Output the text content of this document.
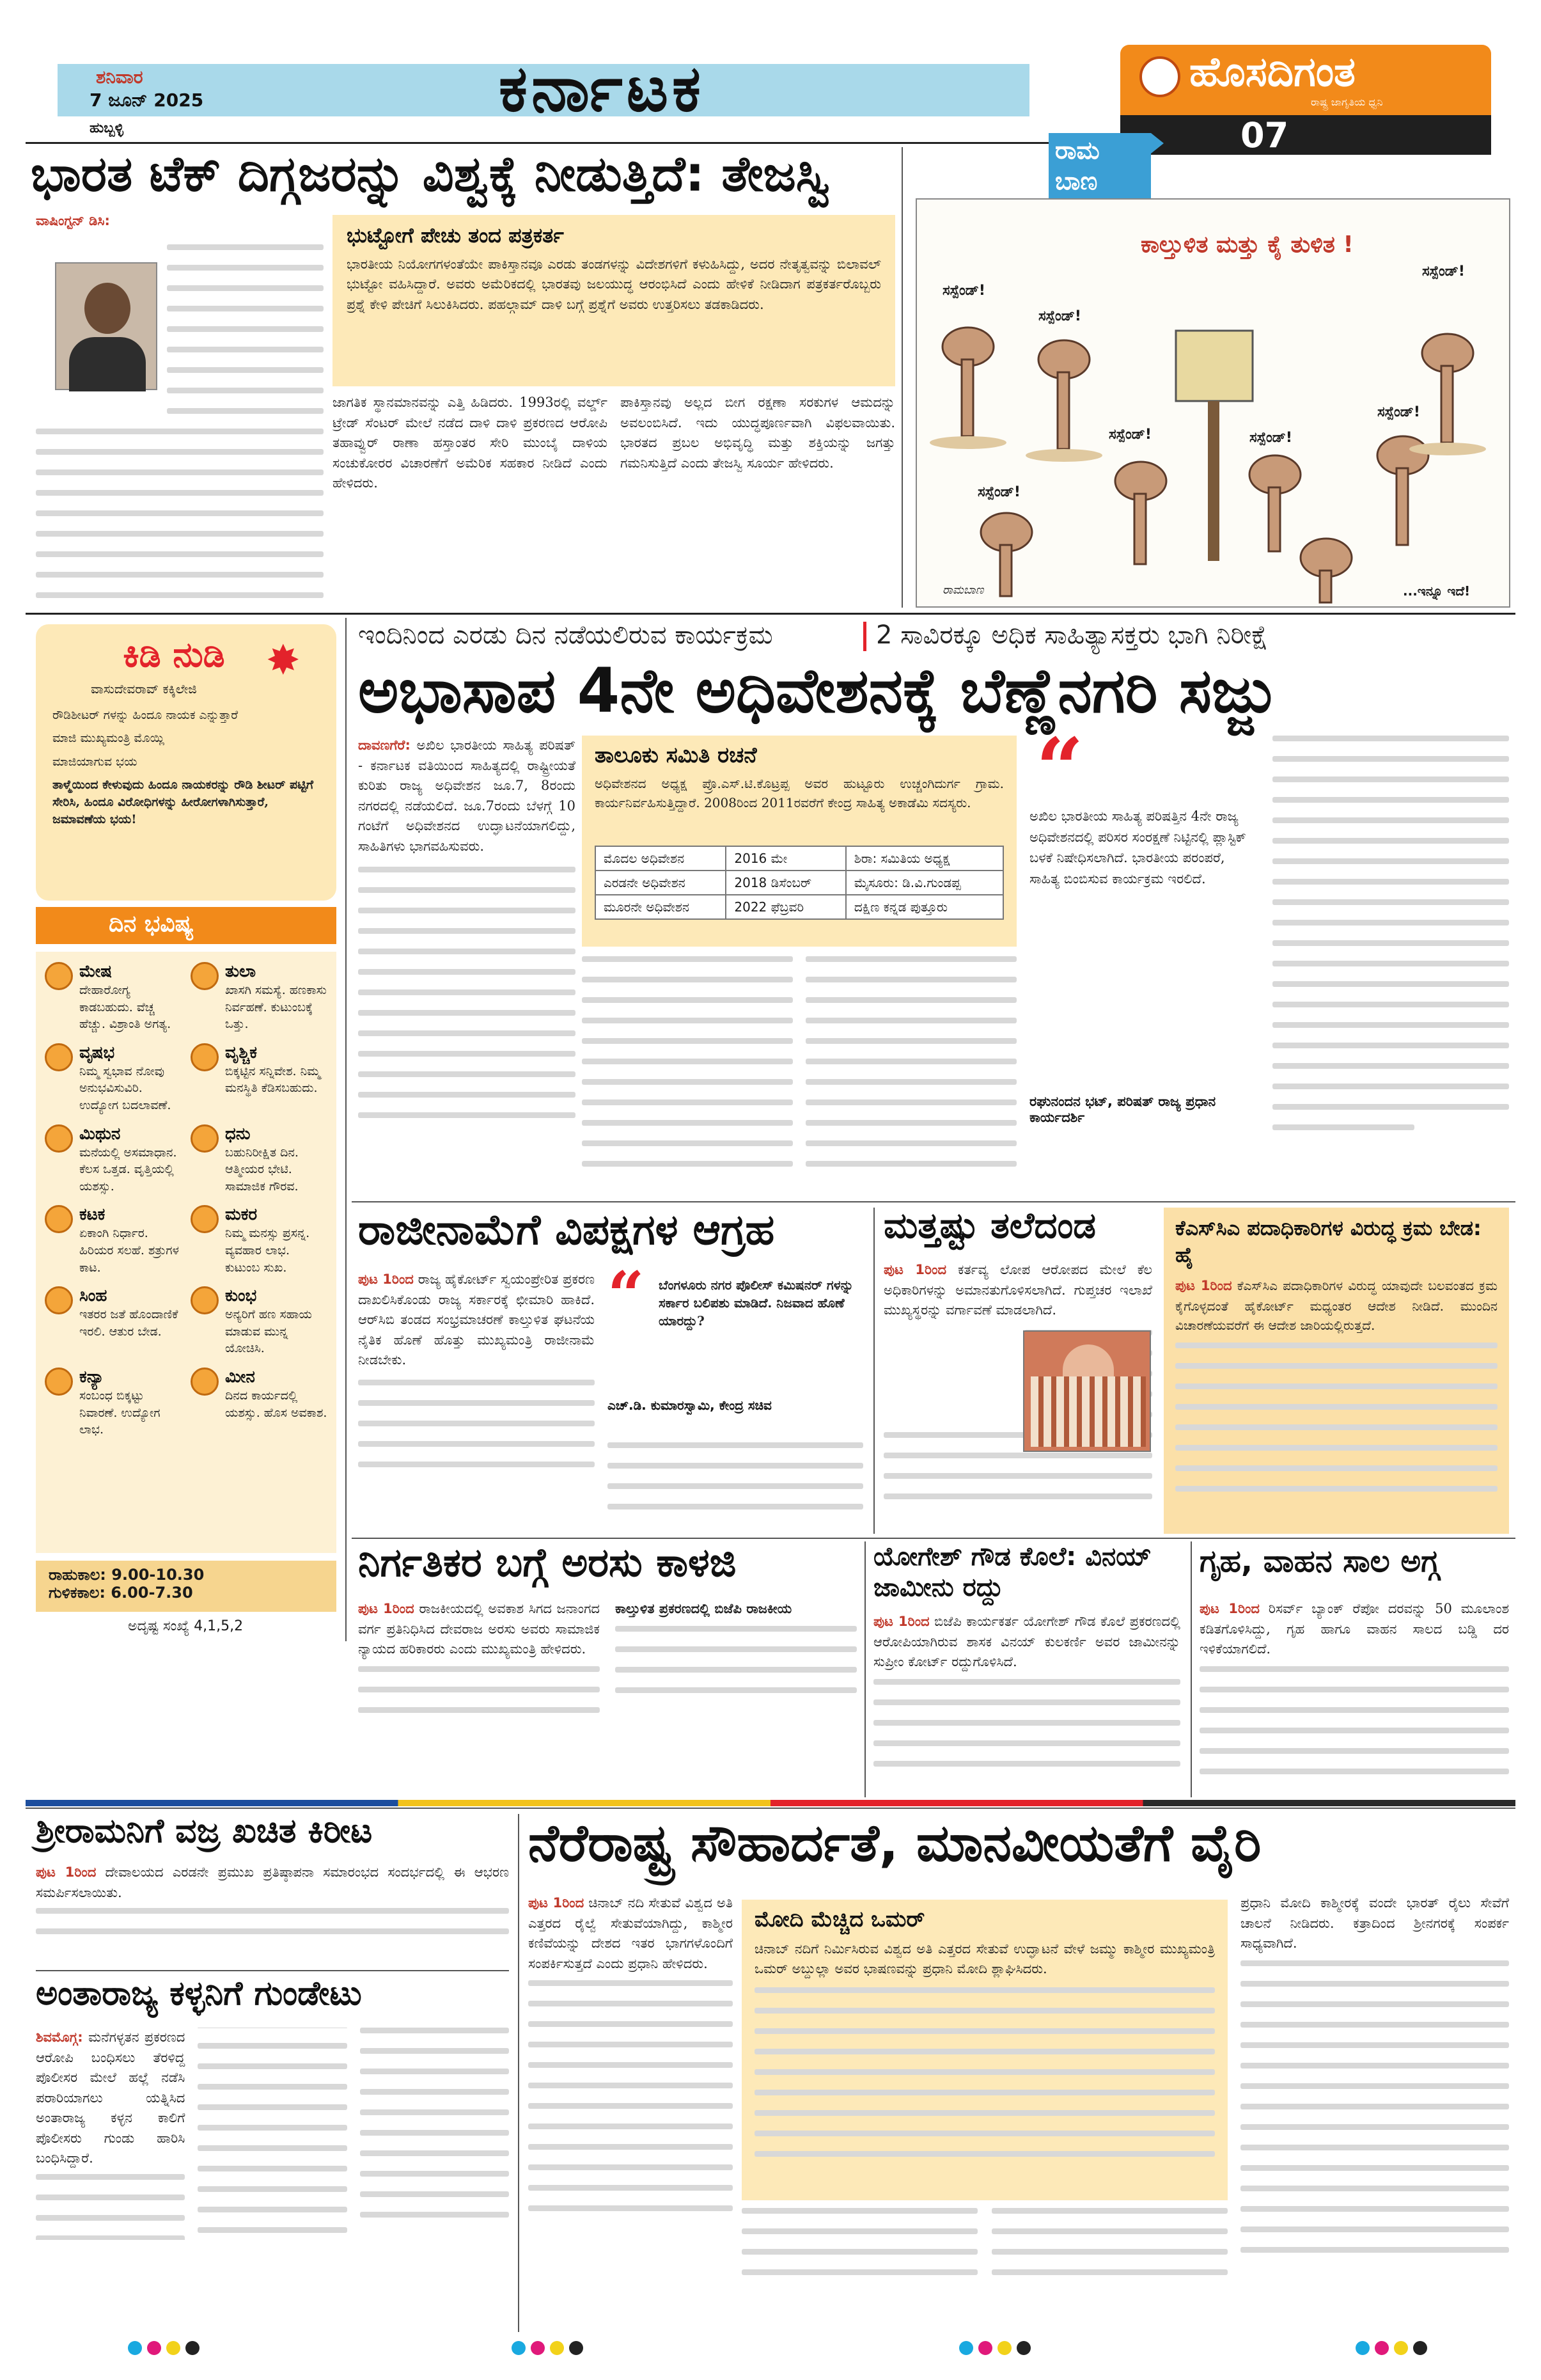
ಶನಿವಾರ
7 ಜೂನ್ 2025
ಹುಬ್ಬಳ್ಳಿ
ಕರ್ನಾಟಕ	ಹೊಸದಿಗಂತ
ರಾಷ್ಟ್ರ ಜಾಗೃತಿಯ ಧ್ವನಿ
07
ರಾಮ ಬಾಣ
ಭಾರತ ಟೆಕ್ ದಿಗ್ಗಜರನ್ನು ವಿಶ್ವಕ್ಕೆ ನೀಡುತ್ತಿದೆ: ತೇಜಸ್ವಿ
ವಾಷಿಂಗ್ಟನ್ ಡಿಸಿ:
ಭುಟ್ಟೋಗೆ ಪೇಚು ತಂದ ಪತ್ರಕರ್ತ
ಭಾರತೀಯ ನಿಯೋಗಗಳಂತೆಯೇ ಪಾಕಿಸ್ತಾನವೂ ಎರಡು ತಂಡಗಳನ್ನು ವಿದೇಶಗಳಿಗೆ ಕಳುಹಿಸಿದ್ದು, ಅದರ ನೇತೃತ್ವವನ್ನು ಬಿಲಾವಲ್ ಭುಟ್ಟೋ ವಹಿಸಿದ್ದಾರೆ. ಅವರು ಅಮೆರಿಕದಲ್ಲಿ ಭಾರತವು ಜಲಯುದ್ಧ ಆರಂಭಿಸಿದೆ ಎಂದು ಹೇಳಿಕೆ ನೀಡಿದಾಗ ಪತ್ರಕರ್ತರೊಬ್ಬರು ಪ್ರಶ್ನೆ ಕೇಳಿ ಪೇಚಿಗೆ ಸಿಲುಕಿಸಿದರು. ಪಹಲ್ಗಾಮ್ ದಾಳಿ ಬಗ್ಗೆ ಪ್ರಶ್ನೆಗೆ ಅವರು ಉತ್ತರಿಸಲು ತಡಕಾಡಿದರು.
ಜಾಗತಿಕ ಸ್ಥಾನಮಾನವನ್ನು ಎತ್ತಿ ಹಿಡಿದರು. 1993ರಲ್ಲಿ ವರ್ಲ್ಡ್ ಟ್ರೇಡ್ ಸೆಂಟರ್ ಮೇಲೆ ನಡೆದ ದಾಳಿ ದಾಳಿ ಪ್ರಕರಣದ ಆರೋಪಿ ತಹಾವ್ವುರ್ ರಾಣಾ ಹಸ್ತಾಂತರ ಸೇರಿ ಮುಂಬೈ ದಾಳಿಯ ಸಂಚುಕೋರರ ವಿಚಾರಣೆಗೆ ಅಮೆರಿಕ ಸಹಕಾರ ನೀಡಿದೆ ಎಂದು ಹೇಳಿದರು.
ಪಾಕಿಸ್ತಾನವು ಅಲ್ಲದ ಬೀಗ ರಕ್ಷಣಾ ಸರಕುಗಳ ಆಮದನ್ನು ಅವಲಂಬಿಸಿದೆ. ಇದು ಯುದ್ಧಪೂರ್ಣವಾಗಿ ವಿಫಲವಾಯಿತು. ಭಾರತದ ಪ್ರಬಲ ಅಭಿವೃದ್ಧಿ ಮತ್ತು ಶಕ್ತಿಯನ್ನು ಜಗತ್ತು ಗಮನಿಸುತ್ತಿದೆ ಎಂದು ತೇಜಸ್ವಿ ಸೂರ್ಯ ಹೇಳಿದರು.
ಕಾಲ್ತುಳಿತ ಮತ್ತು ಕೈ ತುಳಿತ !
ಸಸ್ಪೆಂಡ್!
ಸಸ್ಪೆಂಡ್!
ಸಸ್ಪೆಂಡ್!
ಸಸ್ಪೆಂಡ್!
ಸಸ್ಪೆಂಡ್!
ಸಸ್ಪೆಂಡ್!
ಸಸ್ಪೆಂಡ್!
...ಇನ್ನೂ ಇದೆ!
ರಾಮಬಾಣ
ಕಿಡಿ ನುಡಿ	✸
ವಾಸುದೇವರಾವ್ ಕಕ್ಕಿಲೇಜಿ
ರೌಡಿಶೀಟರ್ ಗಳನ್ನು ಹಿಂದೂ ನಾಯಕ ಎನ್ನುತ್ತಾರೆ
ಮಾಜಿ ಮುಖ್ಯಮಂತ್ರಿ ಮೊಯ್ಲಿ
ಮಾಜಿಯಾಗುವ ಭಯ
ತಾಳ್ಮೆಯಿಂದ ಕೇಳುವುದು ಹಿಂದೂ ನಾಯಕರನ್ನು ರೌಡಿ ಶೀಟರ್ ಪಟ್ಟಿಗೆ ಸೇರಿಸಿ, ಹಿಂದೂ ವಿರೋಧಿಗಳನ್ನು ಹೀರೋಗಳಾಗಿಸುತ್ತಾರೆ, ಜಮಾವಣೆಯ ಭಯ!
ದಿನ ಭವಿಷ್ಯ
ಮೇಷ
ದೇಹಾರೋಗ್ಯ ಕಾಡಬಹುದು. ವೆಚ್ಚ ಹೆಚ್ಚು. ವಿಶ್ರಾಂತಿ ಅಗತ್ಯ.
ತುಲಾ
ಖಾಸಗಿ ಸಮಸ್ಯೆ. ಹಣಕಾಸು ನಿರ್ವಹಣೆ. ಕುಟುಂಬಕ್ಕೆ ಒತ್ತು.
ವೃಷಭ
ನಿಮ್ಮ ಸ್ವಭಾವ ನೋವು ಅನುಭವಿಸುವಿರಿ. ಉದ್ಯೋಗ ಬದಲಾವಣೆ.
ವೃಶ್ಚಿಕ
ಬಿಕ್ಕಟ್ಟಿನ ಸನ್ನಿವೇಶ. ನಿಮ್ಮ ಮನಸ್ಥಿತಿ ಕೆಡಿಸಬಹುದು.
ಮಿಥುನ
ಮನೆಯಲ್ಲಿ ಅಸಮಾಧಾನ. ಕೆಲಸ ಒತ್ತಡ. ವೃತ್ತಿಯಲ್ಲಿ ಯಶಸ್ಸು.
ಧನು
ಬಹುನಿರೀಕ್ಷಿತ ದಿನ. ಆತ್ಮೀಯರ ಭೇಟಿ. ಸಾಮಾಜಿಕ ಗೌರವ.
ಕಟಕ
ಏಕಾಂಗಿ ನಿರ್ಧಾರ. ಹಿರಿಯರ ಸಲಹೆ. ಶತ್ರುಗಳ ಕಾಟ.
ಮಕರ
ನಿಮ್ಮ ಮನಸ್ಸು ಪ್ರಸನ್ನ. ವ್ಯವಹಾರ ಲಾಭ. ಕುಟುಂಬ ಸುಖ.
ಸಿಂಹ
ಇತರರ ಜತೆ ಹೊಂದಾಣಿಕೆ ಇರಲಿ. ಆತುರ ಬೇಡ.
ಕುಂಭ
ಅನ್ಯರಿಗೆ ಹಣ ಸಹಾಯ ಮಾಡುವ ಮುನ್ನ ಯೋಚಿಸಿ.
ಕನ್ಯಾ
ಸಂಬಂಧ ಬಿಕ್ಕಟ್ಟು ನಿವಾರಣೆ. ಉದ್ಯೋಗ ಲಾಭ.
ಮೀನ
ದಿನದ ಕಾರ್ಯದಲ್ಲಿ ಯಶಸ್ಸು. ಹೊಸ ಅವಕಾಶ.
ರಾಹುಕಾಲ: 9.00-10.30
ಗುಳಿಕಕಾಲ: 6.00-7.30
ಅದೃಷ್ಟ ಸಂಖ್ಯೆ 4,1,5,2
ಇಂದಿನಿಂದ ಎರಡು ದಿನ ನಡೆಯಲಿರುವ ಕಾರ್ಯಕ್ರಮ	2 ಸಾವಿರಕ್ಕೂ ಅಧಿಕ ಸಾಹಿತ್ಯಾಸಕ್ತರು ಭಾಗಿ ನಿರೀಕ್ಷೆ
ಅಭಾಸಾಪ 4ನೇ ಅಧಿವೇಶನಕ್ಕೆ ಬೆಣ್ಣೆನಗರಿ ಸಜ್ಜು
ದಾವಣಗೆರೆ: ಅಖಿಲ ಭಾರತೀಯ ಸಾಹಿತ್ಯ ಪರಿಷತ್ - ಕರ್ನಾಟಕ ವತಿಯಿಂದ ಸಾಹಿತ್ಯದಲ್ಲಿ ರಾಷ್ಟ್ರೀಯತೆ ಕುರಿತು ರಾಜ್ಯ ಅಧಿವೇಶನ ಜೂ.7, 8ರಂದು ನಗರದಲ್ಲಿ ನಡೆಯಲಿದೆ. ಜೂ.7ರಂದು ಬೆಳಗ್ಗೆ 10 ಗಂಟೆಗೆ ಅಧಿವೇಶನದ ಉದ್ಘಾಟನೆಯಾಗಲಿದ್ದು, ಸಾಹಿತಿಗಳು ಭಾಗವಹಿಸುವರು.
ತಾಲೂಕು ಸಮಿತಿ ರಚನೆ
ಅಧಿವೇಶನದ ಅಧ್ಯಕ್ಷ ಪ್ರೊ.ಎಸ್.ಟಿ.ಕೊಟ್ರಪ್ಪ ಅವರ ಹುಟ್ಟೂರು ಉಚ್ಚಂಗಿದುರ್ಗ ಗ್ರಾಮ. ಕಾರ್ಯನಿರ್ವಹಿಸುತ್ತಿದ್ದಾರೆ. 2008ರಿಂದ 2011ರವರೆಗೆ ಕೇಂದ್ರ ಸಾಹಿತ್ಯ ಅಕಾಡೆಮಿ ಸದಸ್ಯರು.
ಮೊದಲ ಅಧಿವೇಶನ	2016 ಮೇ	ಶಿರಾ: ಸಮಿತಿಯ ಅಧ್ಯಕ್ಷ
ಎರಡನೇ ಅಧಿವೇಶನ	2018 ಡಿಸೆಂಬರ್	ಮೈಸೂರು: ಡಿ.ವಿ.ಗುಂಡಪ್ಪ
ಮೂರನೇ ಅಧಿವೇಶನ	2022 ಫೆಬ್ರವರಿ	ದಕ್ಷಿಣ ಕನ್ನಡ ಪುತ್ತೂರು
“
ಅಖಿಲ ಭಾರತೀಯ ಸಾಹಿತ್ಯ ಪರಿಷತ್ತಿನ 4ನೇ ರಾಜ್ಯ ಅಧಿವೇಶನದಲ್ಲಿ ಪರಿಸರ ಸಂರಕ್ಷಣೆ ನಿಟ್ಟಿನಲ್ಲಿ ಪ್ಲಾಸ್ಟಿಕ್ ಬಳಕೆ ನಿಷೇಧಿಸಲಾಗಿದೆ. ಭಾರತೀಯ ಪರಂಪರೆ, ಸಾಹಿತ್ಯ ಬಿಂಬಿಸುವ ಕಾರ್ಯಕ್ರಮ ಇರಲಿದೆ.
ರಘುನಂದನ ಭಟ್, ಪರಿಷತ್ ರಾಜ್ಯ ಪ್ರಧಾನ ಕಾರ್ಯದರ್ಶಿ
ರಾಜೀನಾಮೆಗೆ ವಿಪಕ್ಷಗಳ ಆಗ್ರಹ
ಪುಟ 1ರಿಂದ ರಾಜ್ಯ ಹೈಕೋರ್ಟ್ ಸ್ವಯಂಪ್ರೇರಿತ ಪ್ರಕರಣ ದಾಖಲಿಸಿಕೊಂಡು ರಾಜ್ಯ ಸರ್ಕಾರಕ್ಕೆ ಛೀಮಾರಿ ಹಾಕಿದೆ. ಆರ್‌ಸಿಬಿ ತಂಡದ ಸಂಭ್ರಮಾಚರಣೆ ಕಾಲ್ತುಳಿತ ಘಟನೆಯ ನೈತಿಕ ಹೊಣೆ ಹೊತ್ತು ಮುಖ್ಯಮಂತ್ರಿ ರಾಜೀನಾಮೆ ನೀಡಬೇಕು.
“ ಬೆಂಗಳೂರು ನಗರ ಪೊಲೀಸ್ ಕಮಿಷನರ್ ಗಳನ್ನು ಸರ್ಕಾರ ಬಲಿಪಶು ಮಾಡಿದೆ. ನಿಜವಾದ ಹೊಣೆ ಯಾರದ್ದು?
ಎಚ್.ಡಿ. ಕುಮಾರಸ್ವಾಮಿ, ಕೇಂದ್ರ ಸಚಿವ
ಮತ್ತಷ್ಟು ತಲೆದಂಡ
ಪುಟ 1ರಿಂದ ಕರ್ತವ್ಯ ಲೋಪ ಆರೋಪದ ಮೇಲೆ ಕೆಲ ಅಧಿಕಾರಿಗಳನ್ನು ಅಮಾನತುಗೊಳಿಸಲಾಗಿದೆ. ಗುಪ್ತಚರ ಇಲಾಖೆ ಮುಖ್ಯಸ್ಥರನ್ನು ವರ್ಗಾವಣೆ ಮಾಡಲಾಗಿದೆ.
ಕೆಎಸ್‌ಸಿಎ ಪದಾಧಿಕಾರಿಗಳ ವಿರುದ್ಧ ಕ್ರಮ ಬೇಡ: ಹೈ
ಪುಟ 1ರಿಂದ ಕೆಎಸ್‌ಸಿಎ ಪದಾಧಿಕಾರಿಗಳ ವಿರುದ್ಧ ಯಾವುದೇ ಬಲವಂತದ ಕ್ರಮ ಕೈಗೊಳ್ಳದಂತೆ ಹೈಕೋರ್ಟ್ ಮಧ್ಯಂತರ ಆದೇಶ ನೀಡಿದೆ. ಮುಂದಿನ ವಿಚಾರಣೆಯವರೆಗೆ ಈ ಆದೇಶ ಜಾರಿಯಲ್ಲಿರುತ್ತದೆ.
ನಿರ್ಗತಿಕರ ಬಗ್ಗೆ ಅರಸು ಕಾಳಜಿ
ಪುಟ 1ರಿಂದ ರಾಜಕೀಯದಲ್ಲಿ ಅವಕಾಶ ಸಿಗದ ಜನಾಂಗದ ವರ್ಗ ಪ್ರತಿನಿಧಿಸಿದ ದೇವರಾಜ ಅರಸು ಅವರು ಸಾಮಾಜಿಕ ನ್ಯಾಯದ ಹರಿಕಾರರು ಎಂದು ಮುಖ್ಯಮಂತ್ರಿ ಹೇಳಿದರು.
ಕಾಲ್ತುಳಿತ ಪ್ರಕರಣದಲ್ಲಿ ಬಿಜೆಪಿ ರಾಜಕೀಯ
ಯೋಗೇಶ್ ಗೌಡ ಕೊಲೆ: ವಿನಯ್ ಜಾಮೀನು ರದ್ದು
ಪುಟ 1ರಿಂದ ಬಿಜೆಪಿ ಕಾರ್ಯಕರ್ತ ಯೋಗೇಶ್ ಗೌಡ ಕೊಲೆ ಪ್ರಕರಣದಲ್ಲಿ ಆರೋಪಿಯಾಗಿರುವ ಶಾಸಕ ವಿನಯ್ ಕುಲಕರ್ಣಿ ಅವರ ಜಾಮೀನನ್ನು ಸುಪ್ರೀಂ ಕೋರ್ಟ್ ರದ್ದುಗೊಳಿಸಿದೆ.
ಗೃಹ, ವಾಹನ ಸಾಲ ಅಗ್ಗ
ಪುಟ 1ರಿಂದ ರಿಸರ್ವ್ ಬ್ಯಾಂಕ್ ರೆಪೋ ದರವನ್ನು 50 ಮೂಲಾಂಶ ಕಡಿತಗೊಳಿಸಿದ್ದು, ಗೃಹ ಹಾಗೂ ವಾಹನ ಸಾಲದ ಬಡ್ಡಿ ದರ ಇಳಿಕೆಯಾಗಲಿದೆ.
ಶ್ರೀರಾಮನಿಗೆ ವಜ್ರ ಖಚಿತ ಕಿರೀಟ
ಪುಟ 1ರಿಂದ ದೇವಾಲಯದ ಎರಡನೇ ಪ್ರಮುಖ ಪ್ರತಿಷ್ಠಾಪನಾ ಸಮಾರಂಭದ ಸಂದರ್ಭದಲ್ಲಿ ಈ ಆಭರಣ ಸಮರ್ಪಿಸಲಾಯಿತು.
ಅಂತಾರಾಜ್ಯ ಕಳ್ಳನಿಗೆ ಗುಂಡೇಟು
ಶಿವಮೊಗ್ಗ: ಮನೆಗಳ್ಳತನ ಪ್ರಕರಣದ ಆರೋಪಿ ಬಂಧಿಸಲು ತೆರಳಿದ್ದ ಪೊಲೀಸರ ಮೇಲೆ ಹಲ್ಲೆ ನಡೆಸಿ ಪರಾರಿಯಾಗಲು ಯತ್ನಿಸಿದ ಅಂತಾರಾಜ್ಯ ಕಳ್ಳನ ಕಾಲಿಗೆ ಪೊಲೀಸರು ಗುಂಡು ಹಾರಿಸಿ ಬಂಧಿಸಿದ್ದಾರೆ.
ನೆರೆರಾಷ್ಟ್ರ ಸೌಹಾರ್ದತೆ, ಮಾನವೀಯತೆಗೆ ವೈರಿ
ಪುಟ 1ರಿಂದ ಚಿನಾಬ್ ನದಿ ಸೇತುವೆ ವಿಶ್ವದ ಅತಿ ಎತ್ತರದ ರೈಲ್ವೆ ಸೇತುವೆಯಾಗಿದ್ದು, ಕಾಶ್ಮೀರ ಕಣಿವೆಯನ್ನು ದೇಶದ ಇತರ ಭಾಗಗಳೊಂದಿಗೆ ಸಂಪರ್ಕಿಸುತ್ತದೆ ಎಂದು ಪ್ರಧಾನಿ ಹೇಳಿದರು.
ಮೋದಿ ಮೆಚ್ಚಿದ ಒಮರ್
ಚಿನಾಬ್ ನದಿಗೆ ನಿರ್ಮಿಸಿರುವ ವಿಶ್ವದ ಅತಿ ಎತ್ತರದ ಸೇತುವೆ ಉದ್ಘಾಟನೆ ವೇಳೆ ಜಮ್ಮು ಕಾಶ್ಮೀರ ಮುಖ್ಯಮಂತ್ರಿ ಒಮರ್ ಅಬ್ದುಲ್ಲಾ ಅವರ ಭಾಷಣವನ್ನು ಪ್ರಧಾನಿ ಮೋದಿ ಶ್ಲಾಘಿಸಿದರು.
ಪ್ರಧಾನಿ ಮೋದಿ ಕಾಶ್ಮೀರಕ್ಕೆ ವಂದೇ ಭಾರತ್ ರೈಲು ಸೇವೆಗೆ ಚಾಲನೆ ನೀಡಿದರು. ಕತ್ರಾದಿಂದ ಶ್ರೀನಗರಕ್ಕೆ ಸಂಪರ್ಕ ಸಾಧ್ಯವಾಗಿದೆ.
